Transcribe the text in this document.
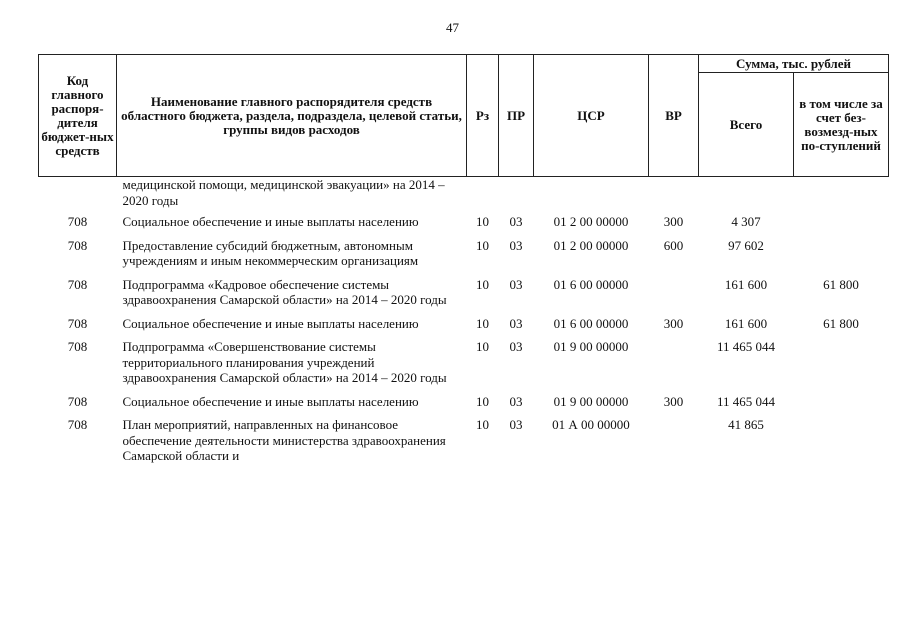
47
Код главного распоря-дителя бюджет-ных средств	Наименование главного распорядителя средств областного бюджета, раздела, подраздела, целевой статьи, группы видов расходов	Рз	ПР	ЦСР	ВР	Сумма, тыс. рублей	
						Всего	в том числе за счет без-возмезд-ных по-ступлений
	медицинской помощи, медицинской эвакуации» на 2014 – 2020 годы						
708	Социальное обеспечение и иные выплаты населению	10	03	01 2 00 00000	300	4 307	
708	Предоставление субсидий бюджетным, автономным учреждениям и иным некоммерческим организациям	10	03	01 2 00 00000	600	97 602	
708	Подпрограмма «Кадровое обеспечение системы здравоохранения Самарской области» на 2014 – 2020 годы	10	03	01 6 00 00000		161 600	61 800
708	Социальное обеспечение и иные выплаты населению	10	03	01 6 00 00000	300	161 600	61 800
708	Подпрограмма «Совершенствование системы территориального планирования учреждений здравоохранения Самарской области» на 2014 – 2020 годы	10	03	01 9 00 00000		11 465 044	
708	Социальное обеспечение и иные выплаты населению	10	03	01 9 00 00000	300	11 465 044	
708	План мероприятий, направленных на финансовое обеспечение деятельности министерства здравоохранения Самарской области и	10	03	01 А 00 00000		41 865	
